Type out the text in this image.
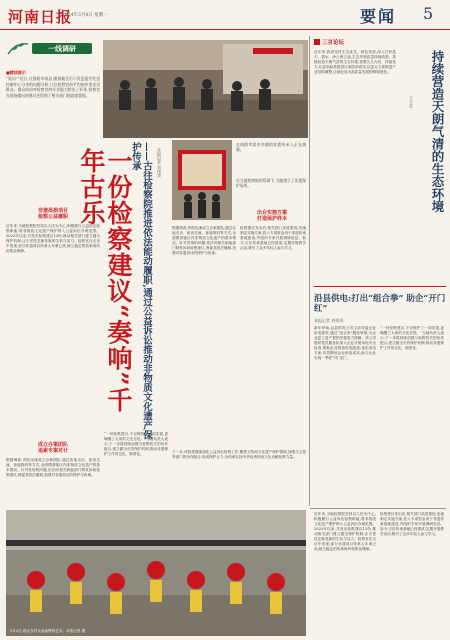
河南日报
2024年3月4日 星期一	要闻 5
一线调研
■精读提示
“验问”“近日,在淮阳市南县,随着截至后六发送报告发送控制中心分享的问题分析,几位检察官向平均的乡里走访群众。群众纷纷对检察官的专业能力给出了好评,检察官在现场提出的建议还得到了相关部门的高度重视。
非遗高损项目
检察公益履职
近年来,当地检察院坚持以人民为中心,积极履行公益诉讼检察职能,将非物质文化遗产保护纳入公益诉讼办案范围。2023年以来,共发出检察建议12份,推动相关部门建立健全保护机制,让古老技艺焕发新的生机与活力。检察官在走访中发现,部分非遗项目传承人年事已高,缺乏稳定的传承场所和资金保障。
成立办案团队
追索专案对计
根据调查,该院迅速成立办案团队,通过实地走访、座谈交流、查阅资料等方式,全面摸清辖区内非物质文化遗产的基本情况。针对发现的问题,依法向相关职能部门制发诉前检察建议,督促其依法履职,加强对非遗项目的保护与传承。
一份检察建议“奏响”千年古乐	——古往检察院推进依法能动履职,通过公益诉讼推动非物质文化遗产保护传承	本报记者 刘伟涛
在南阳市某乡乡镇的非遗传承人正在演奏。
在当地检察院的帮助下,当地建立了非遗保护场所。
出台实施方案
打造保护样本
根据调查,该院迅速成立办案团队,通过实地走访、座谈交流、查阅资料等方式,全面摸清辖区内非物质文化遗产的基本情况。针对发现的问题,依法向相关职能部门制发诉前检察建议,督促其依法履职,加强对非遗项目的保护与传承。
检察建议发出后,相关部门高度重视,迅速制定实施方案,投入专项资金用于非遗传承基地建设,并组织专家开展调研论证。如今,古乐传承基地已经建成,定期开展教学活动,吸引了众多年轻人参与学习。
“一份检察建议,不仅保护了一项非遗,更唤醒了大家的文化自觉。”当地负责人表示,下一步将持续加强与检察机关的协作配合,建立健全长效保护机制,推动非遗保护工作常态化、制度化。	下一步,该院将继续深化公益诉讼检察工作,聚焦文物和文化遗产保护领域,加强与文旅等部门的协作配合,形成保护合力,为传承弘扬中华优秀传统文化贡献检察力量。
三言论坛
近年来,我省坚持生态优先、绿色发展,深入打好蓝天、碧水、净土保卫战,生态环境质量持续改善。持续营造天朗气清的生态环境,需要久久为功、持续发力,以更高标准推进污染防治攻坚,以更大力度推进产业结构调整,让绿色成为高质量发展的鲜明底色。	持续营造天朗气清的生态环境
王小苏
沿县供电:打出“组合拳” 助企“开门红”
本报记者 刘伟涛
新年伊始,沿县供电公司主动对接企业用电需求,通过“组合拳”服务举措,为企业复工复产提供坚强电力保障。该公司组织党员服务队深入企业开展用电安全检查,帮助企业排查用电隐患,优化用电方案,有效降低企业用电成本,助力企业实现一季度“开门红”。
“一份检察建议,不仅保护了一项非遗,更唤醒了大家的文化自觉。”当地负责人表示,下一步将持续加强与检察机关的协作配合,建立健全长效保护机制,推动非遗保护工作常态化、制度化。
3月2日,群众在村头表演锣鼓艺术。本报记者 摄
近年来,当地检察院坚持以人民为中心,积极履行公益诉讼检察职能,将非物质文化遗产保护纳入公益诉讼办案范围。2023年以来,共发出检察建议12份,推动相关部门建立健全保护机制,让古老技艺焕发新的生机与活力。检察官在走访中发现,部分非遗项目传承人年事已高,缺乏稳定的传承场所和资金保障。
检察建议发出后,相关部门高度重视,迅速制定实施方案,投入专项资金用于非遗传承基地建设,并组织专家开展调研论证。如今,古乐传承基地已经建成,定期开展教学活动,吸引了众多年轻人参与学习。
